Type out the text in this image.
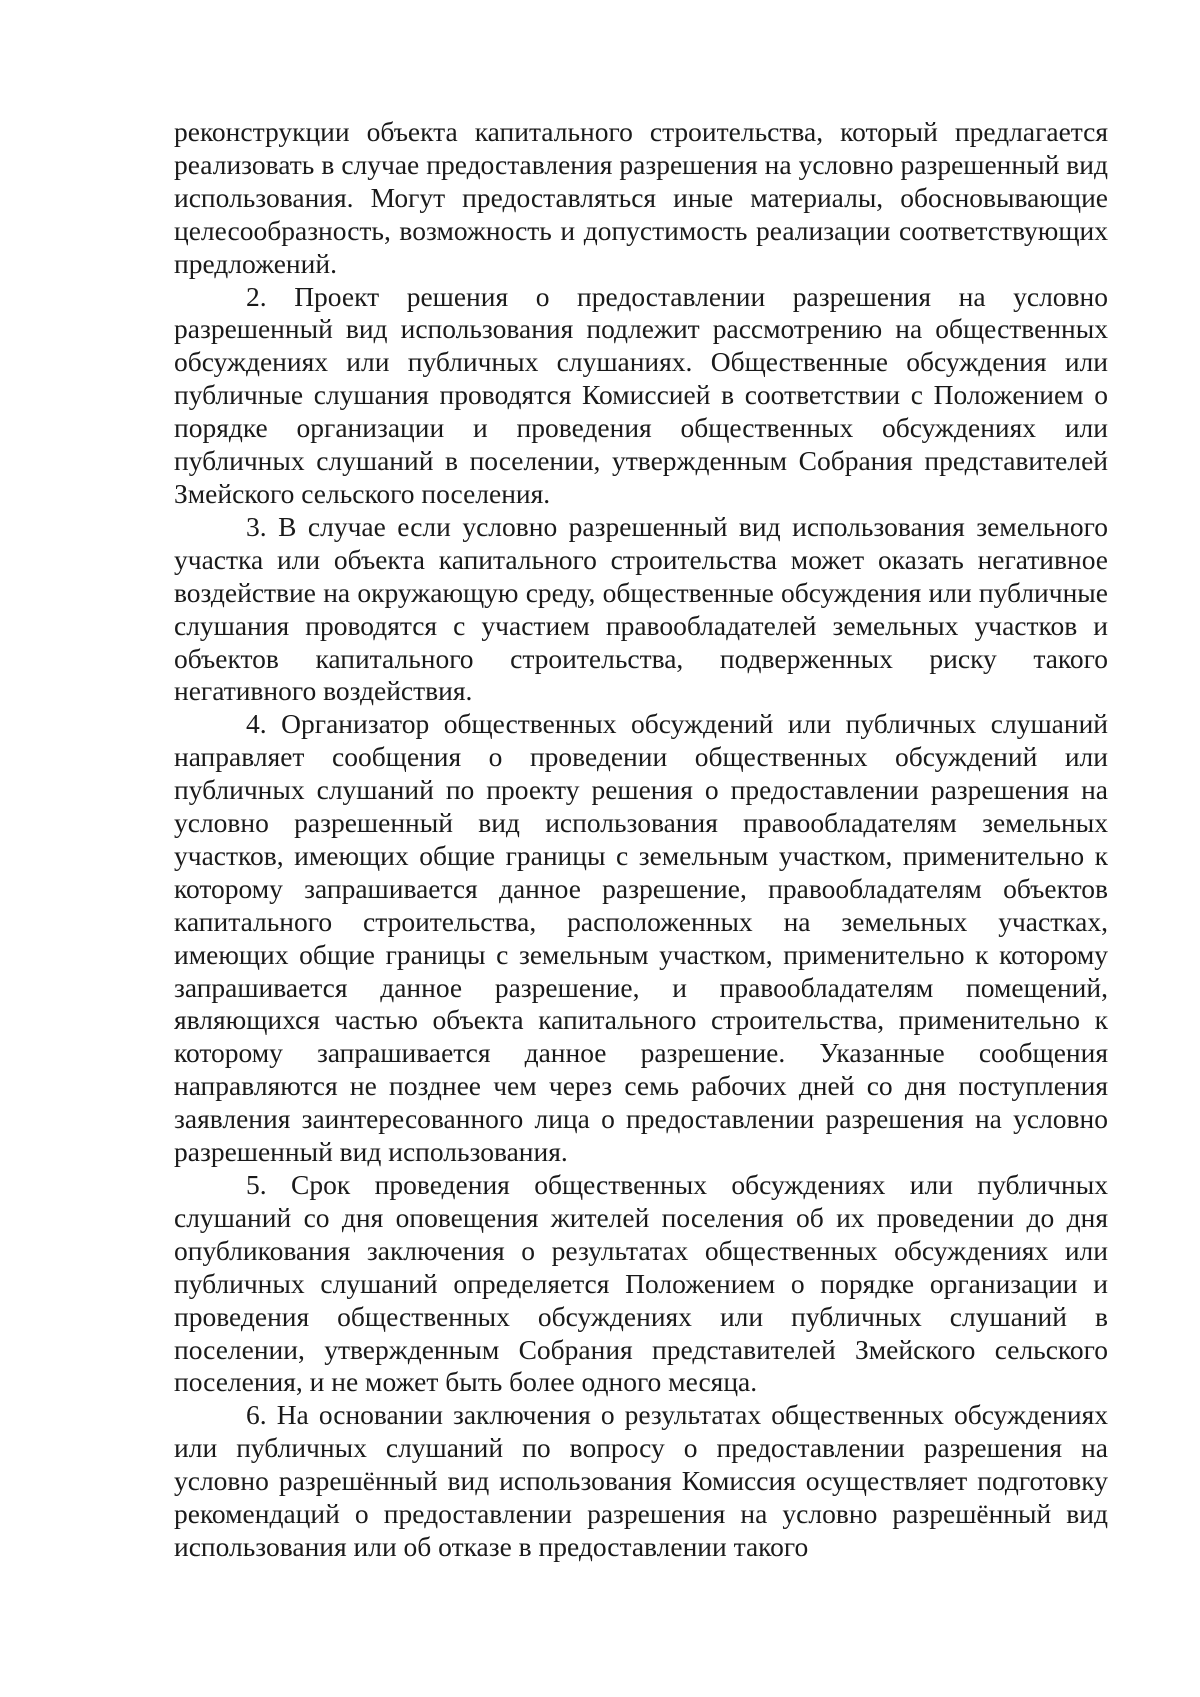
реконструкции объекта капитального строительства, который предлагается реализовать в случае предоставления разрешения на условно разрешенный вид использования. Могут предоставляться иные материалы, обосновывающие целесообразность, возможность и допустимость реализации соответствующих предложений.

2. Проект решения о предоставлении разрешения на условно разрешенный вид использования подлежит рассмотрению на общественных обсуждениях или публичных слушаниях. Общественные обсуждения или публичные слушания проводятся Комиссией в соответствии с Положением о порядке организации и проведения общественных обсуждениях или публичных слушаний в поселении, утвержденным Собрания представителей Змейского сельского поселения.

3. В случае если условно разрешенный вид использования земельного участка или объекта капитального строительства может оказать негативное воздействие на окружающую среду, общественные обсуждения или публичные слушания проводятся с участием правообладателей земельных участков и объектов капитального строительства, подверженных риску такого негативного воздействия.

4. Организатор общественных обсуждений или публичных слушаний направляет сообщения о проведении общественных обсуждений или публичных слушаний по проекту решения о предоставлении разрешения на условно разрешенный вид использования правообладателям земельных участков, имеющих общие границы с земельным участком, применительно к которому запрашивается данное разрешение, правообладателям объектов капитального строительства, расположенных на земельных участках, имеющих общие границы с земельным участком, применительно к которому запрашивается данное разрешение, и правообладателям помещений, являющихся частью объекта капитального строительства, применительно к которому запрашивается данное разрешение. Указанные сообщения направляются не позднее чем через семь рабочих дней со дня поступления заявления заинтересованного лица о предоставлении разрешения на условно разрешенный вид использования.

5. Срок проведения общественных обсуждениях или публичных слушаний со дня оповещения жителей поселения об их проведении до дня опубликования заключения о результатах общественных обсуждениях или публичных слушаний определяется Положением о порядке организации и проведения общественных обсуждениях или публичных слушаний в поселении, утвержденным Собрания представителей Змейского сельского поселения, и не может быть более одного месяца.

6. На основании заключения о результатах общественных обсуждениях или публичных слушаний по вопросу о предоставлении разрешения на условно разрешённый вид использования Комиссия осуществляет подготовку рекомендаций о предоставлении разрешения на условно разрешённый вид использования или об отказе в предоставлении такого
